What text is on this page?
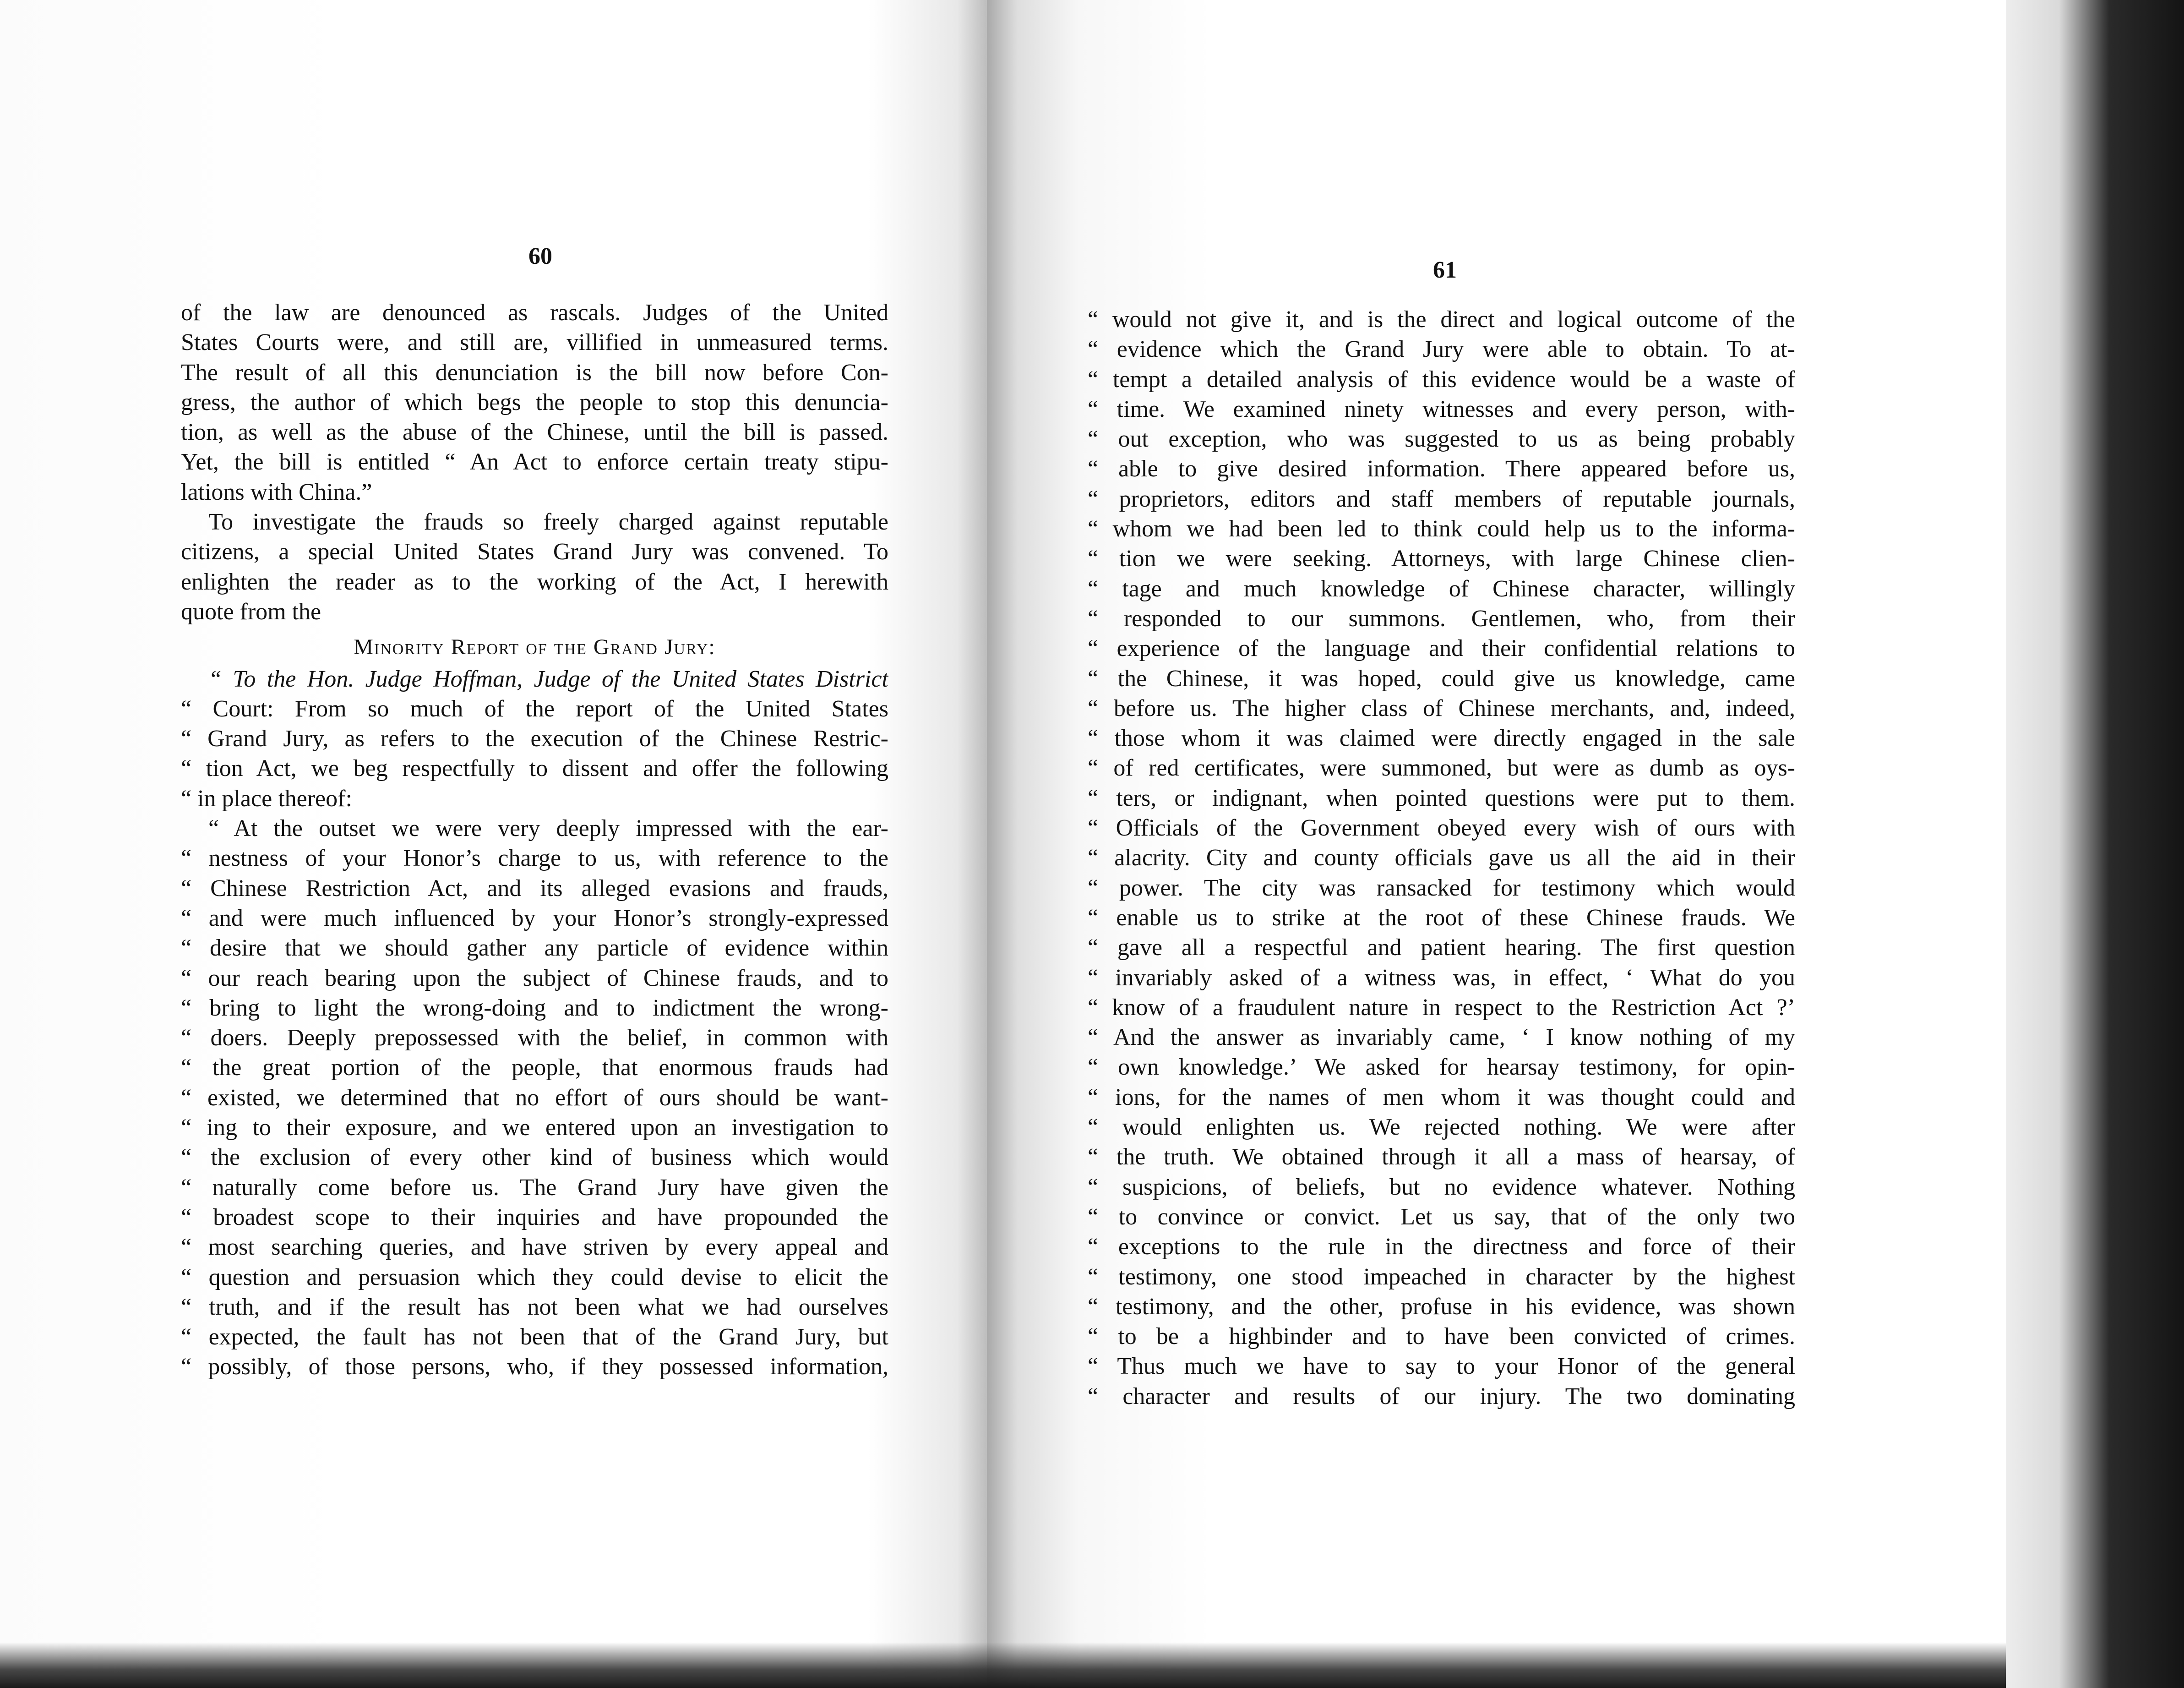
60
of the law are denounced as rascals. Judges of the United
States Courts were, and still are, villified in unmeasured terms.
The result of all this denunciation is the bill now before Con-
gress, the author of which begs the people to stop this denuncia-
tion, as well as the abuse of the Chinese, until the bill is passed.
Yet, the bill is entitled “ An Act to enforce certain treaty stipu-
lations with China.”
To investigate the frauds so freely charged against reputable
citizens, a special United States Grand Jury was convened. To
enlighten the reader as to the working of the Act, I herewith
quote from the
Minority Report of the Grand Jury:
“ To the Hon. Judge Hoffman, Judge of the United States District
“ Court: From so much of the report of the United States
“ Grand Jury, as refers to the execution of the Chinese Restric-
“ tion Act, we beg respectfully to dissent and offer the following
“ in place thereof:
“ At the outset we were very deeply impressed with the ear-
“ nestness of your Honor’s charge to us, with reference to the
“ Chinese Restriction Act, and its alleged evasions and frauds,
“ and were much influenced by your Honor’s strongly-expressed
“ desire that we should gather any particle of evidence within
“ our reach bearing upon the subject of Chinese frauds, and to
“ bring to light the wrong-doing and to indictment the wrong-
“ doers. Deeply prepossessed with the belief, in common with
“ the great portion of the people, that enormous frauds had
“ existed, we determined that no effort of ours should be want-
“ ing to their exposure, and we entered upon an investigation to
“ the exclusion of every other kind of business which would
“ naturally come before us. The Grand Jury have given the
“ broadest scope to their inquiries and have propounded the
“ most searching queries, and have striven by every appeal and
“ question and persuasion which they could devise to elicit the
“ truth, and if the result has not been what we had ourselves
“ expected, the fault has not been that of the Grand Jury, but
“ possibly, of those persons, who, if they possessed information,
61
“ would not give it, and is the direct and logical outcome of the
“ evidence which the Grand Jury were able to obtain. To at-
“ tempt a detailed analysis of this evidence would be a waste of
“ time. We examined ninety witnesses and every person, with-
“ out exception, who was suggested to us as being probably
“ able to give desired information. There appeared before us,
“ proprietors, editors and staff members of reputable journals,
“ whom we had been led to think could help us to the informa-
“ tion we were seeking. Attorneys, with large Chinese clien-
“ tage and much knowledge of Chinese character, willingly
“ responded to our summons. Gentlemen, who, from their
“ experience of the language and their confidential relations to
“ the Chinese, it was hoped, could give us knowledge, came
“ before us. The higher class of Chinese merchants, and, indeed,
“ those whom it was claimed were directly engaged in the sale
“ of red certificates, were summoned, but were as dumb as oys-
“ ters, or indignant, when pointed questions were put to them.
“ Officials of the Government obeyed every wish of ours with
“ alacrity. City and county officials gave us all the aid in their
“ power. The city was ransacked for testimony which would
“ enable us to strike at the root of these Chinese frauds. We
“ gave all a respectful and patient hearing. The first question
“ invariably asked of a witness was, in effect, ‘ What do you
“ know of a fraudulent nature in respect to the Restriction Act ?’
“ And the answer as invariably came, ‘ I know nothing of my
“ own knowledge.’ We asked for hearsay testimony, for opin-
“ ions, for the names of men whom it was thought could and
“ would enlighten us. We rejected nothing. We were after
“ the truth. We obtained through it all a mass of hearsay, of
“ suspicions, of beliefs, but no evidence whatever. Nothing
“ to convince or convict. Let us say, that of the only two
“ exceptions to the rule in the directness and force of their
“ testimony, one stood impeached in character by the highest
“ testimony, and the other, profuse in his evidence, was shown
“ to be a highbinder and to have been convicted of crimes.
“ Thus much we have to say to your Honor of the general
“ character and results of our injury. The two dominating
